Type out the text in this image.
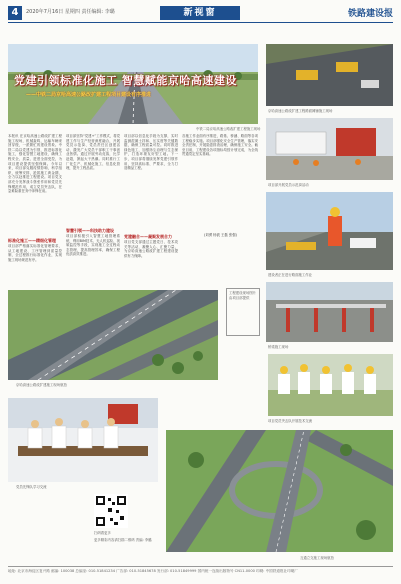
4	2020年7月16日 星期四 责任编辑: 李璐	新视窗	铁路建设报
党建引领标准化施工 智慧赋能京哈高速建设
——中铁二局京哈高速公路改扩建工程项目建设有序推进
中铁二局京哈高速公路改扩建工程施工现场
本报讯 在京哈高速公路改扩建工程施工现场，机械轰鸣，运输车辆来回穿梭，一派繁忙的建设景象。中铁二局以党建为引领，推进标准化施工，强化智慧工地建设，确保工程安全、质量、进度全面受控，为项目建设提供坚强保障。今年以来，项目部克服疫情影响，科学组织，统筹安排，抢抓施工黄金期，全力以赴推进工程建设。项目党支部充分发挥战斗堡垒作用和党员先锋模范作用，成立党员突击队，在急难险重任务中冲锋在前。
标准化施工——精细化管理
项目部严格落实标准化管理要求，从工地建设、工序管理到质量控制，全过程推行标准化作业，实现施工现场规范有序。
项目部坚持“党建+”工作模式，将党建工作与生产经营深度融合，开展党员示范岗、党员责任区创建活动，激发广大党员干部职工干事创业热情。通过开展劳动竞赛，比学赶超，掀起大干热潮。同时推行工厂化生产、机械化施工、信息化管理，提升工程品质。
智慧引领——科技助力建设
项目部积极引入智慧工地管理系统，利用BIM技术、无人机巡检、视频监控等手段，实现施工全过程动态管理，提高管理效率，确保工程优质高效推进。
项目部以信息化手段为支撑，实时监测混凝土拌和、压实度等关键数据，确保工程质量可控。同时推进绿色施工，加强扬尘治理与生态保护，打造环境友好型工地。下一步，项目部将继续发挥党建引领作用，坚持高标准、严要求，全力打造精品工程。
党建融合——凝聚发展合力
项目党支部通过主题党日、技术攻关等活动，凝聚人心、汇聚力量，为京哈高速公路改扩建工程建设提供有力保障。
各施工作业面有序推进，路基、桥涵、路面等各项工程稳步实施。项目部强化安全生产管理，落实安全责任制，开展隐患排查治理，确保施工安全。截至目前，工程建设各项指标均按计划完成，为全线贯通奠定坚实基础。
(刘勇 杨波 王磊 张强)
京哈高速公路改扩建工程路面摊铺施工现场
项目部开展党员示范岗活动
建设者正在进行路面施工作业
桥梁施工现场
京哈高速公路改扩建施工现场航拍
工程建设现场图片由项目部提供
项目党员突击队开展技术交流
党员先锋队学习交流
扫码看更多
更多精彩内容请扫描二维码 责编: 李璐
互通立交施工现场航拍
地址: 北京市海淀区复兴路 邮编: 100038 总编室: 010-51841234 广告部: 010-51845678 发行部: 010-51849999 国内统一连续出版物号 CN11-0000 印刷: 中国铁道报社印刷厂
